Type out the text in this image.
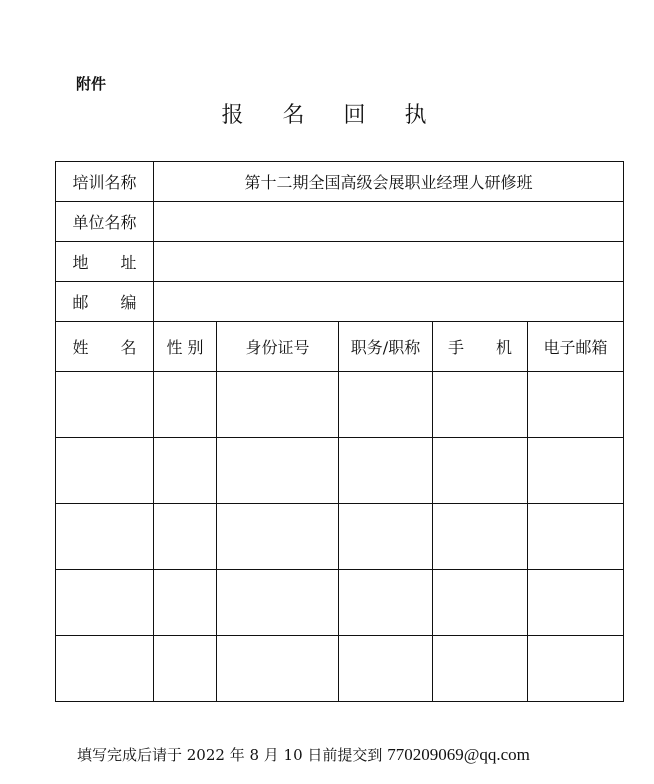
附件
报 名 回 执
培训名称	第十二期全国高级会展职业经理人研修班				
单位名称					
地　　址					
邮　　编					
姓　　名	性 别	身份证号	职务/职称	手　　机	电子邮箱

填写完成后请于 2022 年 8 月 10 日前提交到 770209069@qq.com
